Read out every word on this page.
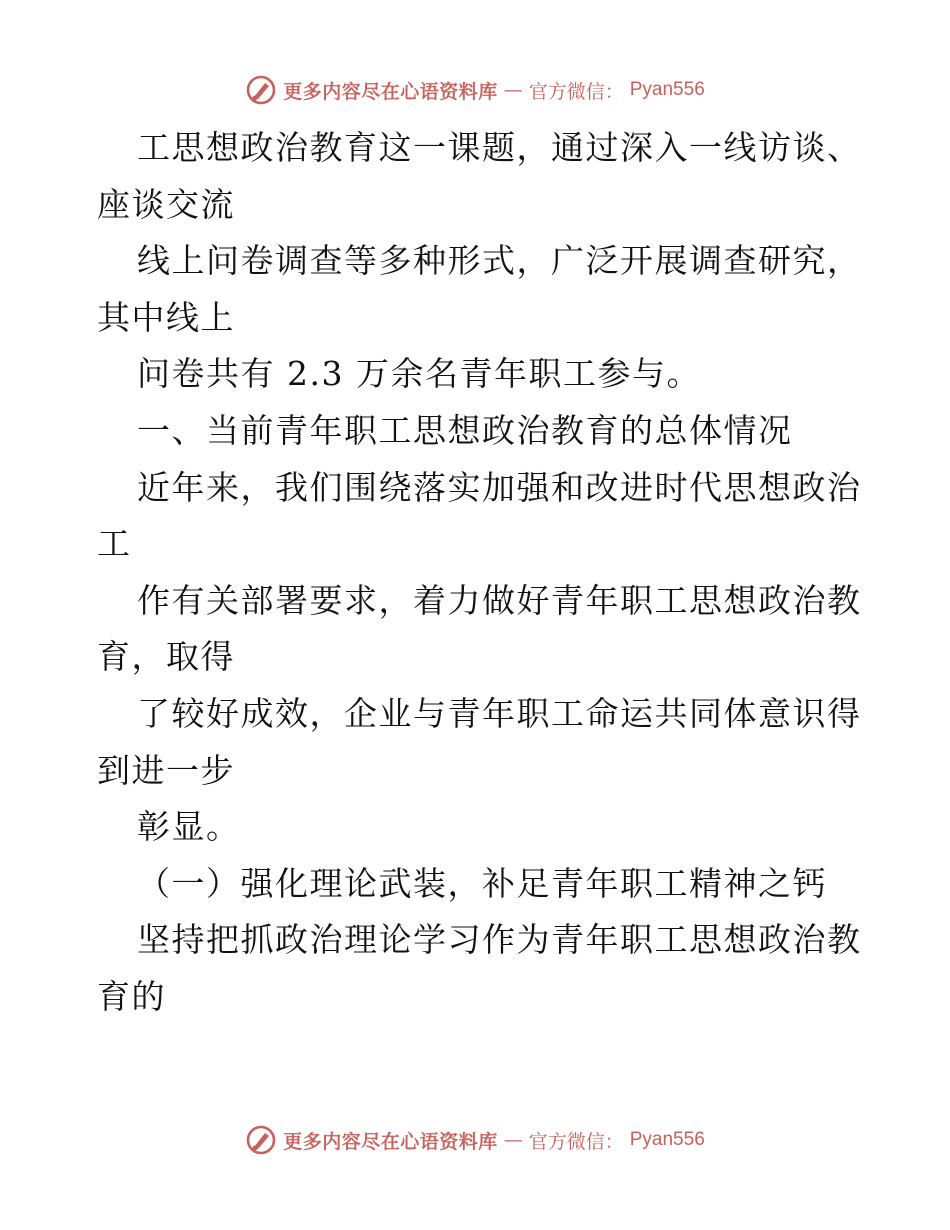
更多内容尽在心语资料库 — 官方微信： Pyan556
工思想政治教育这一课题，通过深入一线访谈、
座谈交流
线上问卷调查等多种形式，广泛开展调查研究，
其中线上
问卷共有 2.3 万余名青年职工参与。
一、当前青年职工思想政治教育的总体情况
近年来，我们围绕落实加强和改进时代思想政治
工
作有关部署要求，着力做好青年职工思想政治教
育，取得
了较好成效，企业与青年职工命运共同体意识得
到进一步
彰显。
（一）强化理论武装，补足青年职工精神之钙
坚持把抓政治理论学习作为青年职工思想政治教
育的
更多内容尽在心语资料库 — 官方微信： Pyan556
